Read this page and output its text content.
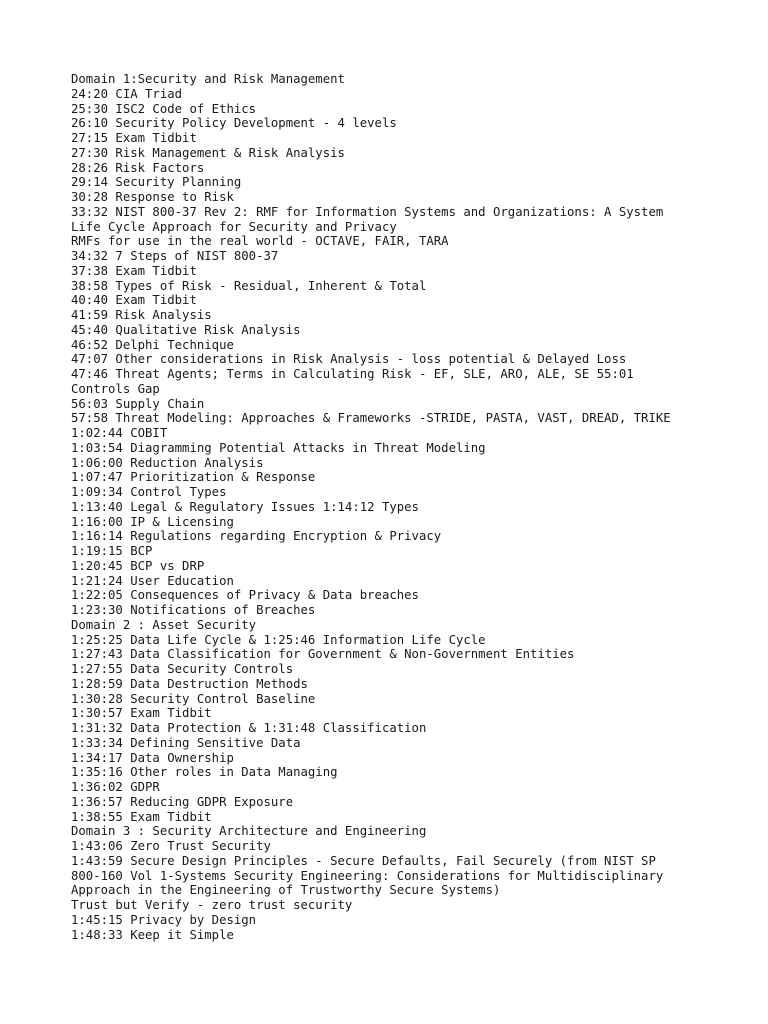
Domain 1:Security and Risk Management
24:20 CIA Triad
25:30 ISC2 Code of Ethics
26:10 Security Policy Development - 4 levels
27:15 Exam Tidbit
27:30 Risk Management & Risk Analysis
28:26 Risk Factors
29:14 Security Planning
30:28 Response to Risk
33:32 NIST 800-37 Rev 2: RMF for Information Systems and Organizations: A System
Life Cycle Approach for Security and Privacy
RMFs for use in the real world - OCTAVE, FAIR, TARA
34:32 7 Steps of NIST 800-37
37:38 Exam Tidbit
38:58 Types of Risk - Residual, Inherent & Total
40:40 Exam Tidbit
41:59 Risk Analysis
45:40 Qualitative Risk Analysis
46:52 Delphi Technique
47:07 Other considerations in Risk Analysis - loss potential & Delayed Loss
47:46 Threat Agents; Terms in Calculating Risk - EF, SLE, ARO, ALE, SE 55:01
Controls Gap
56:03 Supply Chain
57:58 Threat Modeling: Approaches & Frameworks -STRIDE, PASTA, VAST, DREAD, TRIKE
1:02:44 COBIT
1:03:54 Diagramming Potential Attacks in Threat Modeling
1:06:00 Reduction Analysis
1:07:47 Prioritization & Response
1:09:34 Control Types
1:13:40 Legal & Regulatory Issues 1:14:12 Types
1:16:00 IP & Licensing
1:16:14 Regulations regarding Encryption & Privacy
1:19:15 BCP
1:20:45 BCP vs DRP
1:21:24 User Education
1:22:05 Consequences of Privacy & Data breaches
1:23:30 Notifications of Breaches
Domain 2 : Asset Security
1:25:25 Data Life Cycle & 1:25:46 Information Life Cycle
1:27:43 Data Classification for Government & Non-Government Entities
1:27:55 Data Security Controls
1:28:59 Data Destruction Methods
1:30:28 Security Control Baseline
1:30:57 Exam Tidbit
1:31:32 Data Protection & 1:31:48 Classification
1:33:34 Defining Sensitive Data
1:34:17 Data Ownership
1:35:16 Other roles in Data Managing
1:36:02 GDPR
1:36:57 Reducing GDPR Exposure
1:38:55 Exam Tidbit
Domain 3 : Security Architecture and Engineering
1:43:06 Zero Trust Security
1:43:59 Secure Design Principles - Secure Defaults, Fail Securely (from NIST SP
800-160 Vol 1-Systems Security Engineering: Considerations for Multidisciplinary
Approach in the Engineering of Trustworthy Secure Systems)
Trust but Verify - zero trust security
1:45:15 Privacy by Design
1:48:33 Keep it Simple
